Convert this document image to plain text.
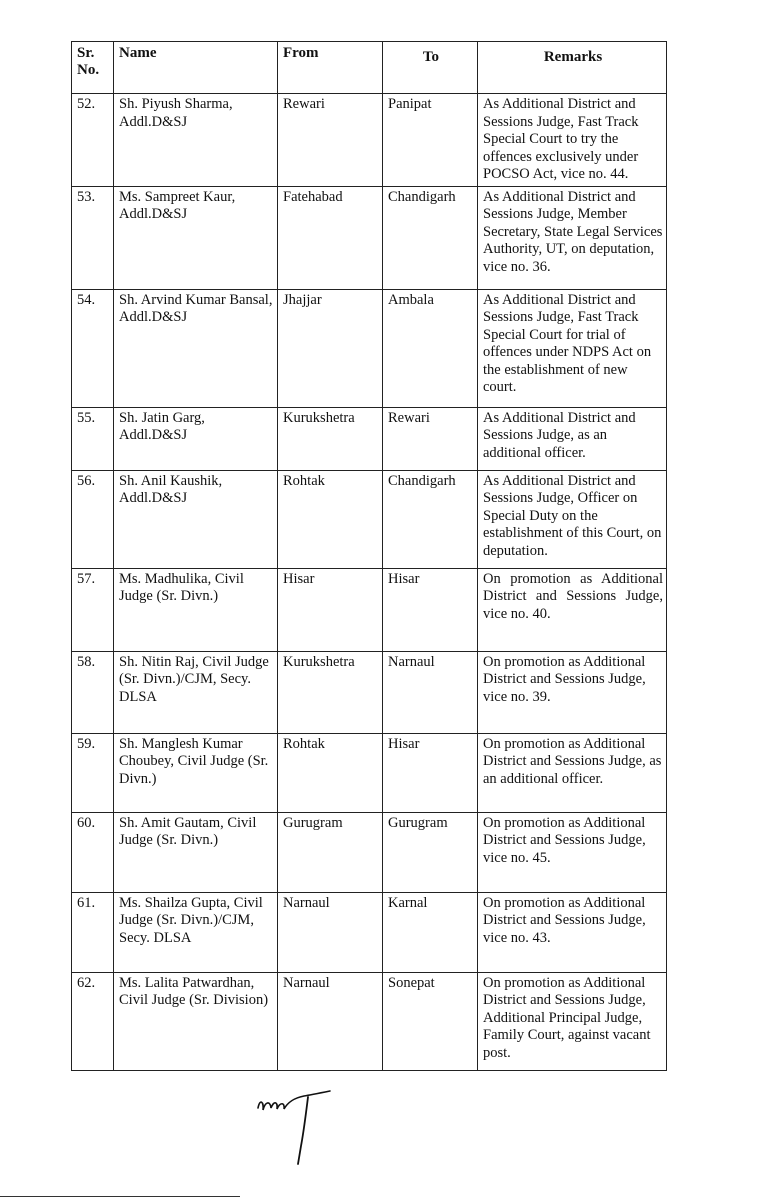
Sr. No.	Name	From	To	Remarks
52.	Sh. Piyush Sharma, Addl.D&SJ	Rewari	Panipat	As Additional District and Sessions Judge, Fast Track Special Court to try the offences exclusively under POCSO Act, vice no. 44.
53.	Ms. Sampreet Kaur, Addl.D&SJ	Fatehabad	Chandigarh	As Additional District and Sessions Judge, Member Secretary, State Legal Services Authority, UT, on deputation, vice no. 36.
54.	Sh. Arvind Kumar Bansal, Addl.D&SJ	Jhajjar	Ambala	As Additional District and Sessions Judge, Fast Track Special Court for trial of offences under NDPS Act on the establishment of new court.
55.	Sh. Jatin Garg, Addl.D&SJ	Kurukshetra	Rewari	As Additional District and Sessions Judge, as an additional officer.
56.	Sh. Anil Kaushik, Addl.D&SJ	Rohtak	Chandigarh	As Additional District and Sessions Judge, Officer on Special Duty on the establishment of this Court, on deputation.
57.	Ms. Madhulika, Civil Judge (Sr. Divn.)	Hisar	Hisar	On promotion as Additional District and Sessions Judge, vice no. 40.
58.	Sh. Nitin Raj, Civil Judge (Sr. Divn.)/CJM, Secy. DLSA	Kurukshetra	Narnaul	On promotion as Additional District and Sessions Judge, vice no. 39.
59.	Sh. Manglesh Kumar Choubey, Civil Judge (Sr. Divn.)	Rohtak	Hisar	On promotion as Additional District and Sessions Judge, as an additional officer.
60.	Sh. Amit Gautam, Civil Judge (Sr. Divn.)	Gurugram	Gurugram	On promotion as Additional District and Sessions Judge, vice no. 45.
61.	Ms. Shailza Gupta, Civil Judge (Sr. Divn.)/CJM, Secy. DLSA	Narnaul	Karnal	On promotion as Additional District and Sessions Judge, vice no. 43.
62.	Ms. Lalita Patwardhan, Civil Judge (Sr. Division)	Narnaul	Sonepat	On promotion as Additional District and Sessions Judge, Additional Principal Judge, Family Court, against vacant post.
